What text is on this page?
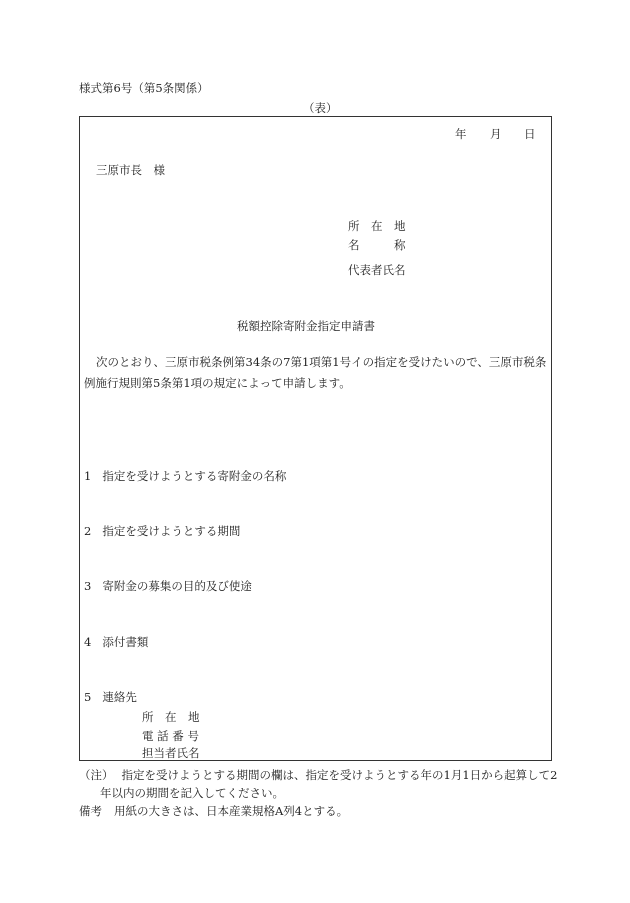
様式第6号（第5条関係）
（表）
年 月 日
三原市長　様
所　在　地
名　　　称
代表者氏名
税額控除寄附金指定申請書
次のとおり、三原市税条例第34条の7第1項第1号イの指定を受けたいので、三原市税条例施行規則第5条第1項の規定によって申請します。
1 指定を受けようとする寄附金の名称
2 指定を受けようとする期間
3 寄附金の募集の目的及び使途
4 添付書類
5 連絡先
所　在　地
電 話 番 号
担当者氏名
（注） 指定を受けようとする期間の欄は、指定を受けようとする年の1月1日から起算して2
年以内の期間を記入してください。
備考 用紙の大きさは、日本産業規格A列4とする。
